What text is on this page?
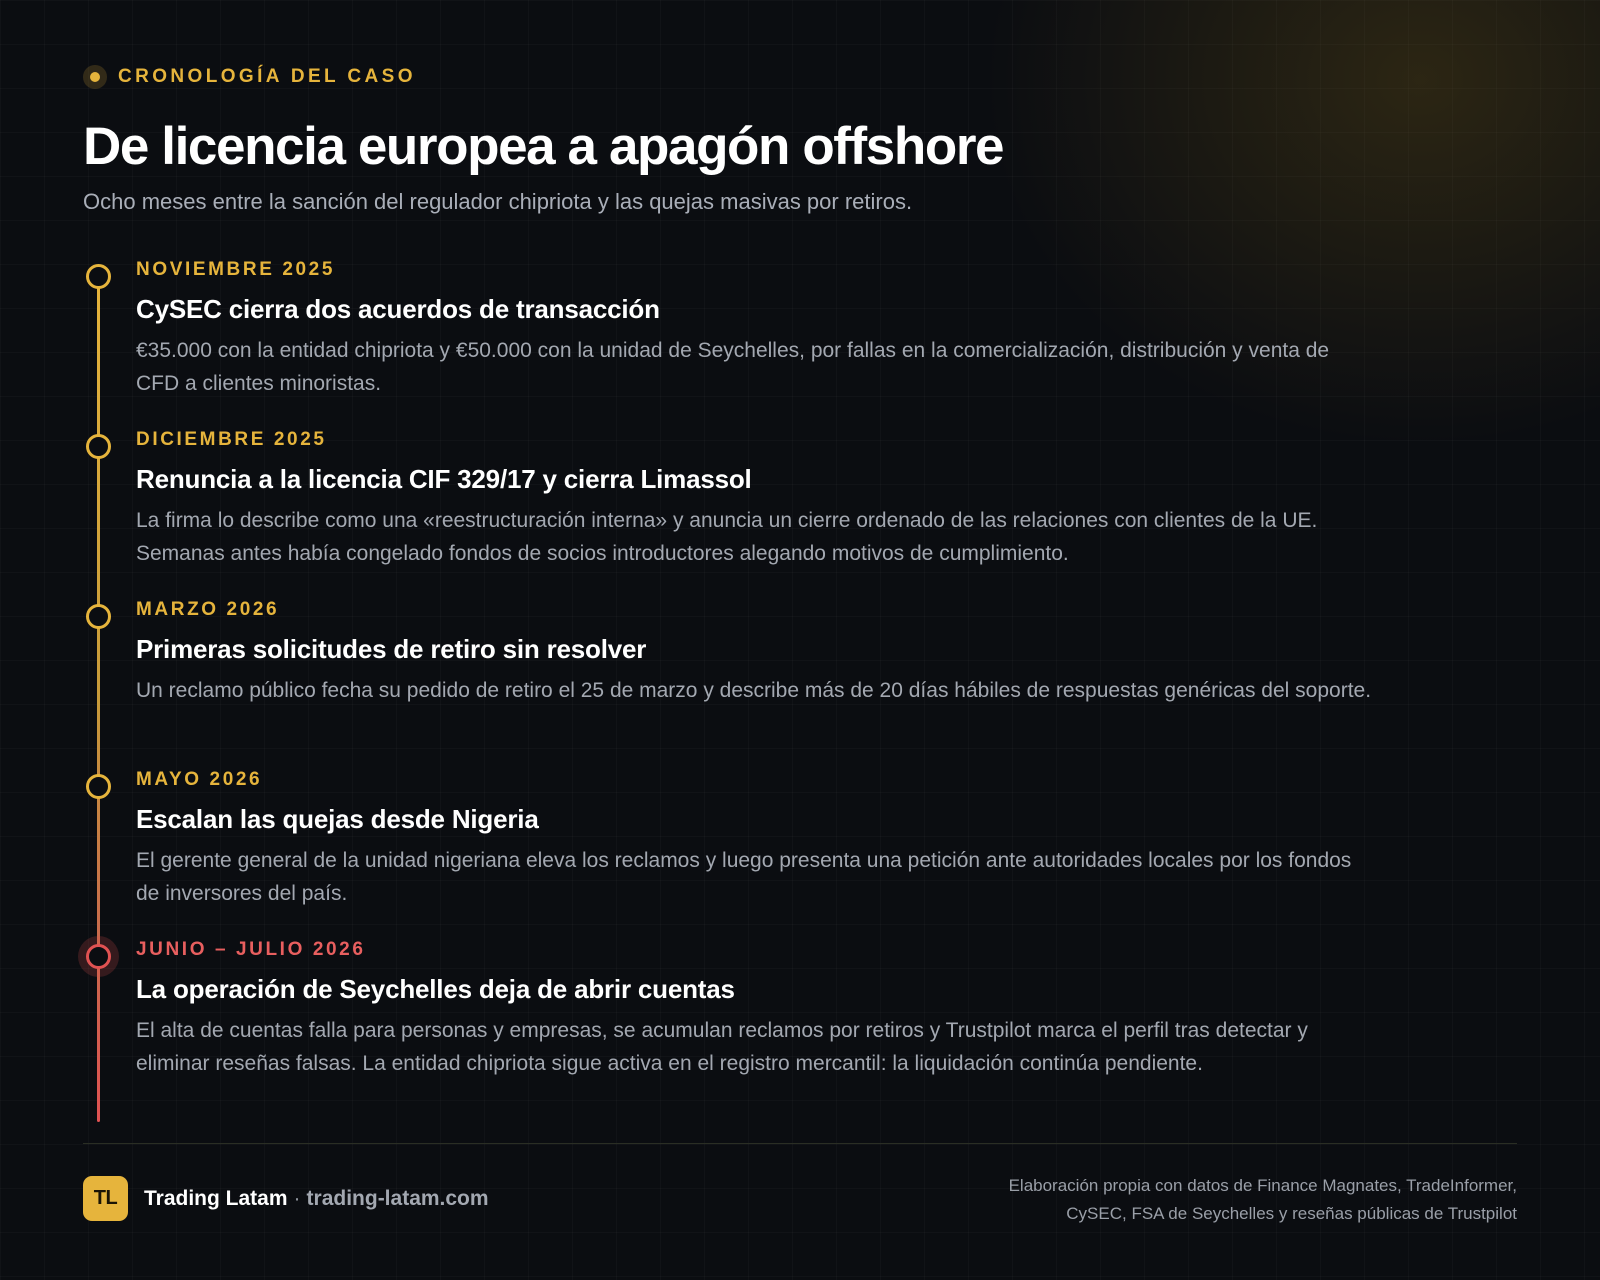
CRONOLOGÍA DEL CASO
De licencia europea a apagón offshore
Ocho meses entre la sanción del regulador chipriota y las quejas masivas por retiros.
NOVIEMBRE 2025
CySEC cierra dos acuerdos de transacción
€35.000 con la entidad chipriota y €50.000 con la unidad de Seychelles, por fallas en la comercialización, distribución y venta de CFD a clientes minoristas.
DICIEMBRE 2025
Renuncia a la licencia CIF 329/17 y cierra Limassol
La firma lo describe como una «reestructuración interna» y anuncia un cierre ordenado de las relaciones con clientes de la UE. Semanas antes había congelado fondos de socios introductores alegando motivos de cumplimiento.
MARZO 2026
Primeras solicitudes de retiro sin resolver
Un reclamo público fecha su pedido de retiro el 25 de marzo y describe más de 20 días hábiles de respuestas genéricas del soporte.
MAYO 2026
Escalan las quejas desde Nigeria
El gerente general de la unidad nigeriana eleva los reclamos y luego presenta una petición ante autoridades locales por los fondos de inversores del país.
JUNIO – JULIO 2026
La operación de Seychelles deja de abrir cuentas
El alta de cuentas falla para personas y empresas, se acumulan reclamos por retiros y Trustpilot marca el perfil tras detectar y eliminar reseñas falsas. La entidad chipriota sigue activa en el registro mercantil: la liquidación continúa pendiente.
TL	Trading Latam · trading-latam.com
Elaboración propia con datos de Finance Magnates, TradeInformer,
CySEC, FSA de Seychelles y reseñas públicas de Trustpilot
